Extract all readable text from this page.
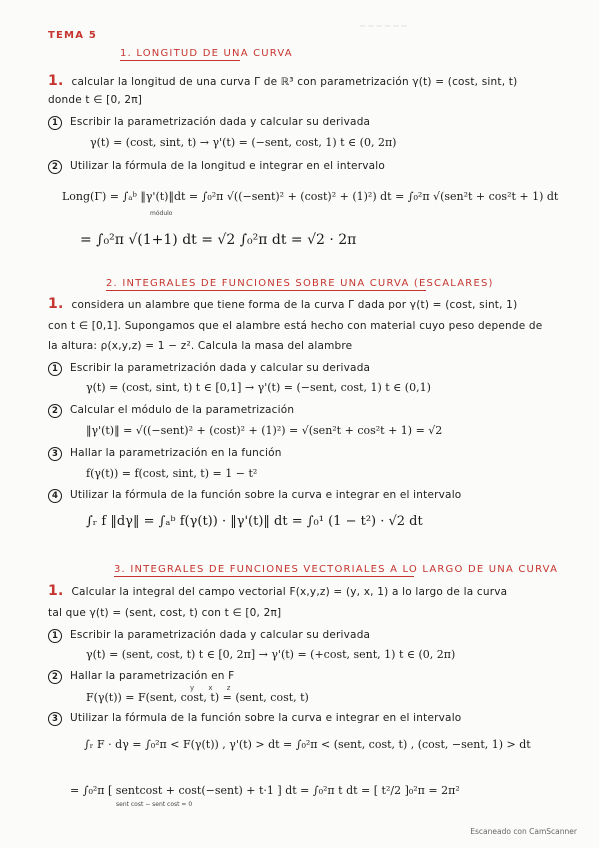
─ ─ ─ ─ ─ ─
TEMA 5
1. LONGITUD DE UNA CURVA
1. calcular la longitud de una curva Γ de ℝ³ con parametrización γ(t) = (cost, sint, t)
donde t ∈ [0, 2π]
1 Escribir la parametrización dada y calcular su derivada
γ(t) = (cost, sint, t) → γ'(t) = (−sent, cost, 1) t ∈ (0, 2π)
2 Utilizar la fórmula de la longitud e integrar en el intervalo
Long(Γ) = ∫ₐᵇ ‖γ'(t)‖dt = ∫₀²ᴨ √((−sent)² + (cost)² + (1)²) dt = ∫₀²ᴨ √(sen²t + cos²t + 1) dt
módulo
= ∫₀²ᴨ √(1+1) dt = √2 ∫₀²ᴨ dt = √2 · 2π
2. INTEGRALES DE FUNCIONES SOBRE UNA CURVA (ESCALARES)
1. considera un alambre que tiene forma de la curva Γ dada por γ(t) = (cost, sint, 1)
con t ∈ [0,1]. Supongamos que el alambre está hecho con material cuyo peso depende de
la altura: ρ(x,y,z) = 1 − z². Calcula la masa del alambre
1 Escribir la parametrización dada y calcular su derivada
γ(t) = (cost, sint, t) t ∈ [0,1] → γ'(t) = (−sent, cost, 1) t ∈ (0,1)
2 Calcular el módulo de la parametrización
‖γ'(t)‖ = √((−sent)² + (cost)² + (1)²) = √(sen²t + cos²t + 1) = √2
3 Hallar la parametrización en la función
f(γ(t)) = f(cost, sint, t) = 1 − t²
4 Utilizar la fórmula de la función sobre la curva e integrar en el intervalo
∫ᵣ f ‖dγ‖ = ∫ₐᵇ f(γ(t)) · ‖γ'(t)‖ dt = ∫₀¹ (1 − t²) · √2 dt
3. INTEGRALES DE FUNCIONES VECTORIALES A LO LARGO DE UNA CURVA
1. Calcular la integral del campo vectorial F(x,y,z) = (y, x, 1) a lo largo de la curva
tal que γ(t) = (sent, cost, t) con t ∈ [0, 2π]
1 Escribir la parametrización dada y calcular su derivada
γ(t) = (sent, cost, t) t ∈ [0, 2π] → γ'(t) = (+cost, sent, 1) t ∈ (0, 2π)
2 Hallar la parametrización en F
y x z
F(γ(t)) = F(sent, cost, t) = (sent, cost, t)
3 Utilizar la fórmula de la función sobre la curva e integrar en el intervalo
∫ᵣ F · dγ = ∫₀²ᴨ < F(γ(t)) , γ'(t) > dt = ∫₀²ᴨ < (sent, cost, t) , (cost, −sent, 1) > dt
= ∫₀²ᴨ [ sentcost + cost(−sent) + t·1 ] dt = ∫₀²ᴨ t dt = [ t²/2 ]₀²ᴨ = 2π²
sent cost − sent cost = 0
Escaneado con CamScanner
